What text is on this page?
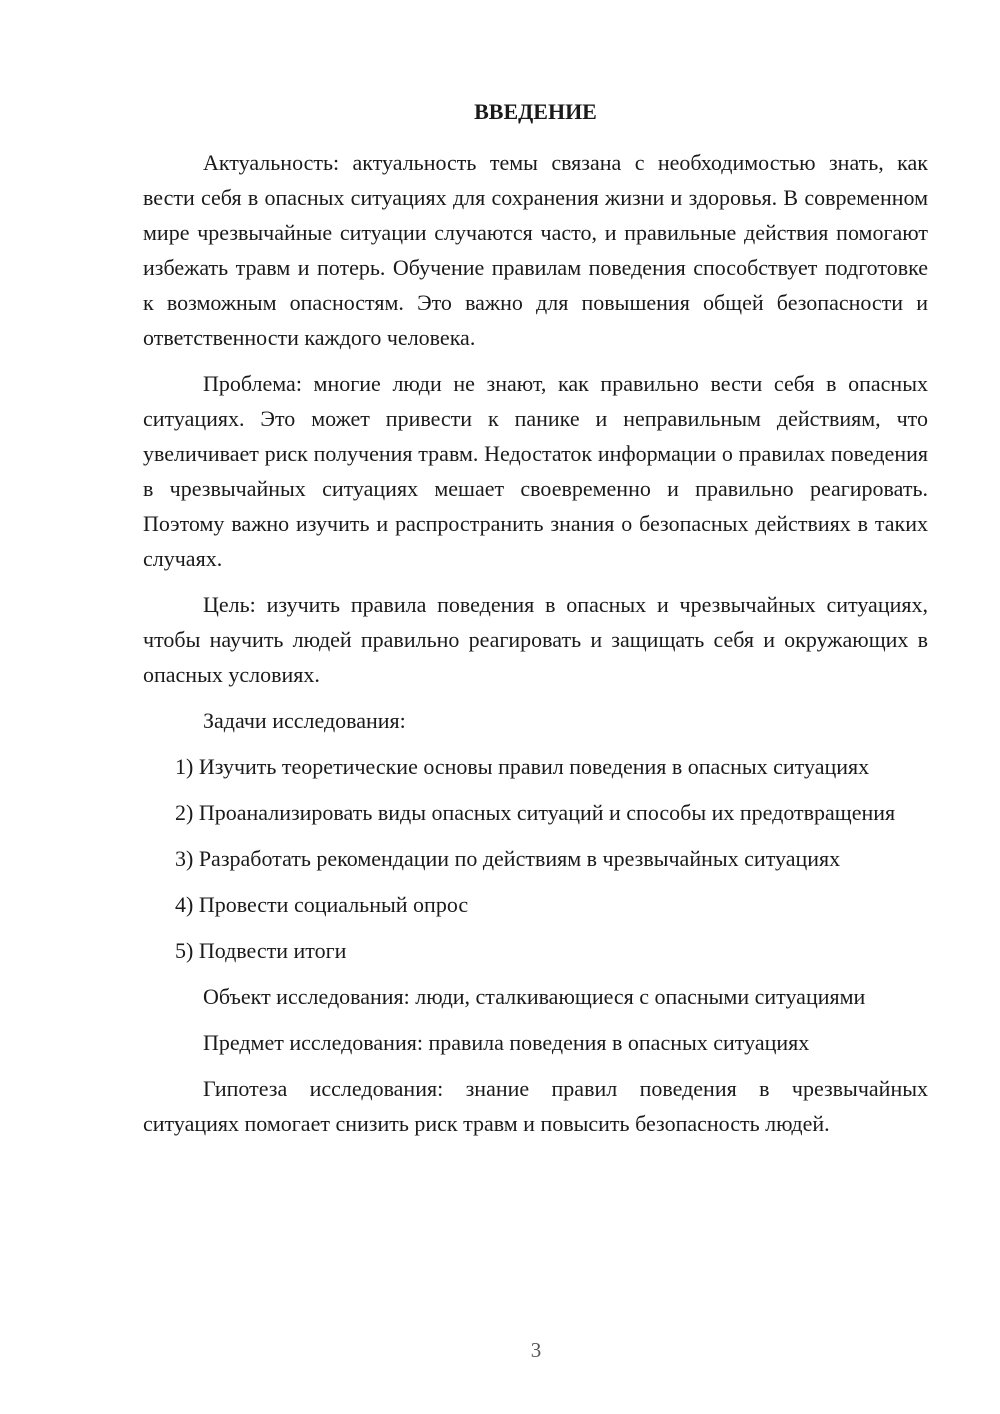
ВВЕДЕНИЕ
Актуальность: актуальность темы связана с необходимостью знать, как вести себя в опасных ситуациях для сохранения жизни и здоровья. В современном мире чрезвычайные ситуации случаются часто, и правильные действия помогают избежать травм и потерь. Обучение правилам поведения способствует подготовке к возможным опасностям. Это важно для повышения общей безопасности и ответственности каждого человека.
Проблема: многие люди не знают, как правильно вести себя в опасных ситуациях. Это может привести к панике и неправильным действиям, что увеличивает риск получения травм. Недостаток информации о правилах поведения в чрезвычайных ситуациях мешает своевременно и правильно реагировать. Поэтому важно изучить и распространить знания о безопасных действиях в таких случаях.
Цель: изучить правила поведения в опасных и чрезвычайных ситуациях, чтобы научить людей правильно реагировать и защищать себя и окружающих в опасных условиях.
Задачи исследования:
1) Изучить теоретические основы правил поведения в опасных ситуациях
2) Проанализировать виды опасных ситуаций и способы их предотвращения
3) Разработать рекомендации по действиям в чрезвычайных ситуациях
4) Провести социальный опрос
5) Подвести итоги
Объект исследования: люди, сталкивающиеся с опасными ситуациями
Предмет исследования: правила поведения в опасных ситуациях
Гипотеза исследования: знание правил поведения в чрезвычайных ситуациях помогает снизить риск травм и повысить безопасность людей.
3
